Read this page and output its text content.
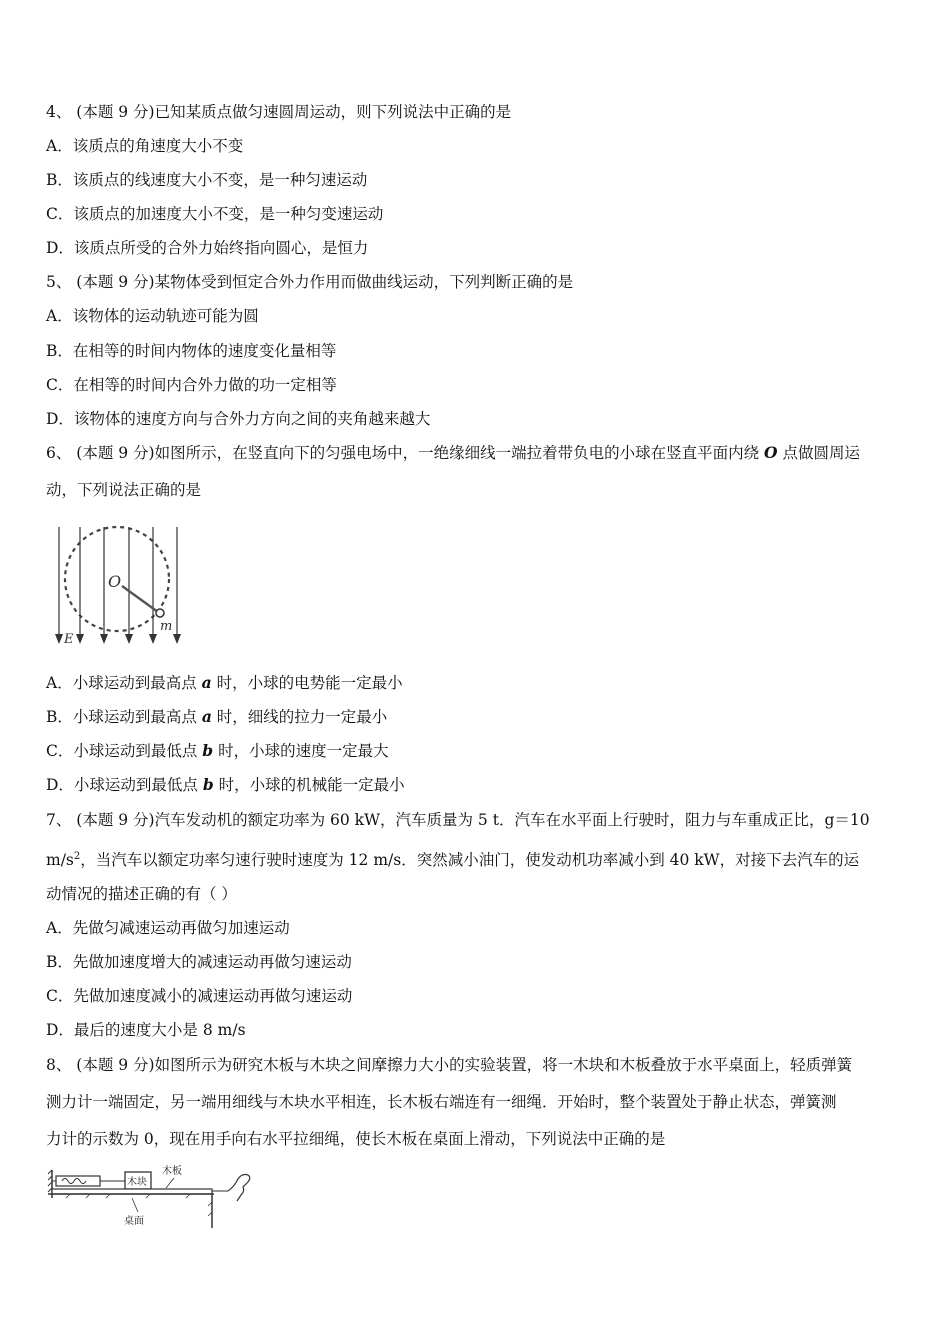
4、 (本题 9 分)已知某质点做匀速圆周运动，则下列说法中正确的是
A．该质点的角速度大小不变
B．该质点的线速度大小不变，是一种匀速运动
C．该质点的加速度大小不变，是一种匀变速运动
D．该质点所受的合外力始终指向圆心，是恒力
5、 (本题 9 分)某物体受到恒定合外力作用而做曲线运动，下列判断正确的是
A．该物体的运动轨迹可能为圆
B．在相等的时间内物体的速度变化量相等
C．在相等的时间内合外力做的功一定相等
D．该物体的速度方向与合外力方向之间的夹角越来越大
6、 (本题 9 分)如图所示，在竖直向下的匀强电场中，一绝缘细线一端拉着带负电的小球在竖直平面内绕 O 点做圆周运
动，下列说法正确的是
O
m
E
A．小球运动到最高点 a 时，小球的电势能一定最小
B．小球运动到最高点 a 时，细线的拉力一定最小
C．小球运动到最低点 b 时，小球的速度一定最大
D．小球运动到最低点 b 时，小球的机械能一定最小
7、 (本题 9 分)汽车发动机的额定功率为 60 kW，汽车质量为 5 t．汽车在水平面上行驶时，阻力与车重成正比，g＝10
$m/s^2$，当汽车以额定功率匀速行驶时速度为 12 m/s．突然减小油门，使发动机功率减小到 40 kW，对接下去汽车的运
动情况的描述正确的有（ ）
A．先做匀减速运动再做匀加速运动
B．先做加速度增大的减速运动再做匀速运动
C．先做加速度减小的减速运动再做匀速运动
D．最后的速度大小是 8 m/s
8、 (本题 9 分)如图所示为研究木板与木块之间摩擦力大小的实验装置，将一木块和木板叠放于水平桌面上，轻质弹簧
测力计一端固定，另一端用细线与木块水平相连，长木板右端连有一细绳．开始时，整个装置处于静止状态，弹簧测
力计的示数为 0，现在用手向右水平拉细绳，使长木板在桌面上滑动，下列说法中正确的是
木块
木板
桌面
